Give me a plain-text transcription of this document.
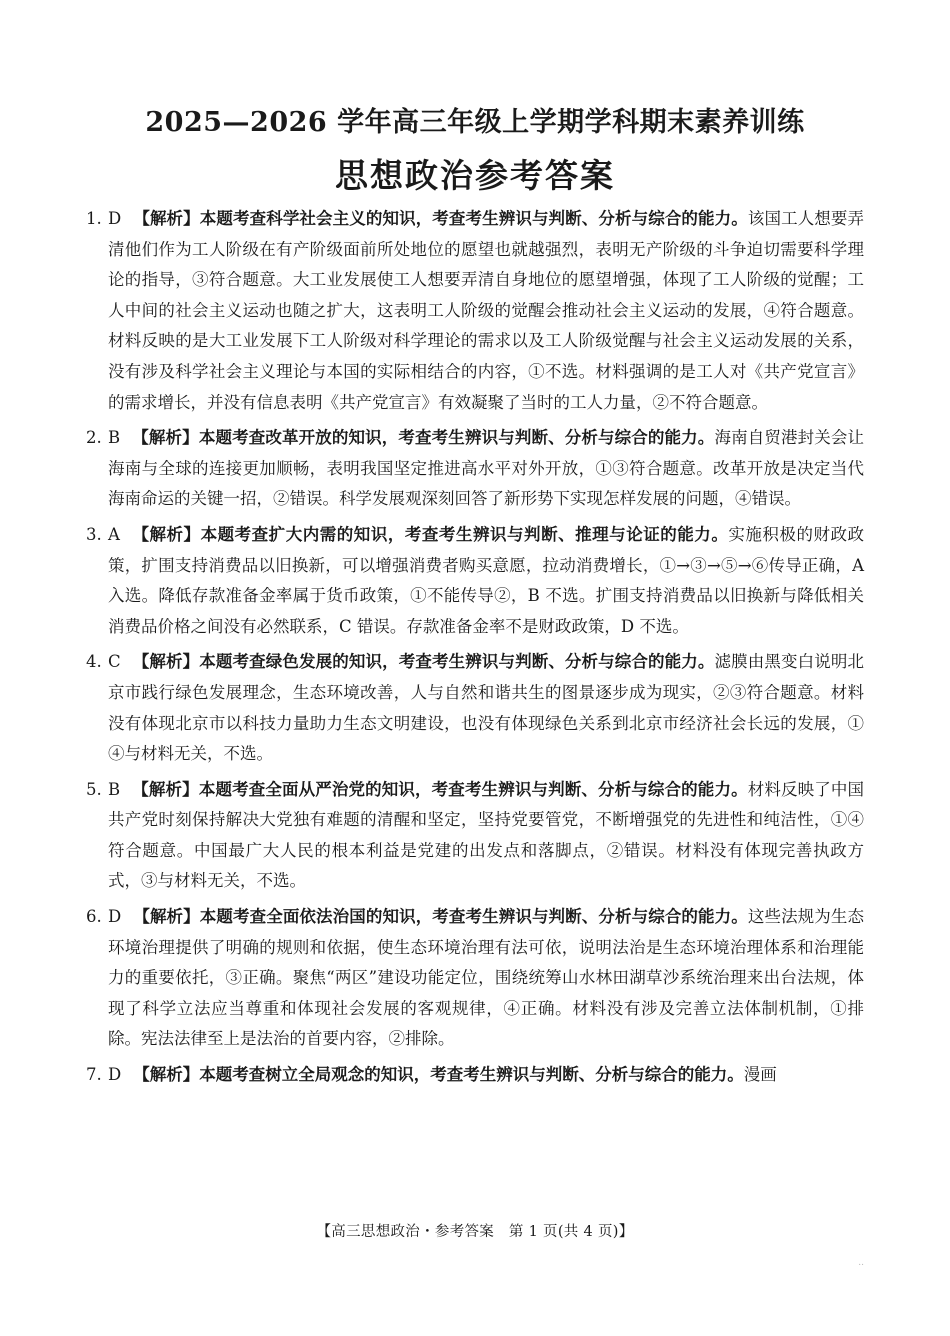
2025—2026 学年高三年级上学期学科期末素养训练
思想政治参考答案

1. D 【解析】本题考查科学社会主义的知识，考查考生辨识与判断、分析与综合的能力。该国工人想要弄清他们作为工人阶级在有产阶级面前所处地位的愿望也就越强烈，表明无产阶级的斗争迫切需要科学理论的指导，③符合题意。大工业发展使工人想要弄清自身地位的愿望增强，体现了工人阶级的觉醒；工人中间的社会主义运动也随之扩大，这表明工人阶级的觉醒会推动社会主义运动的发展，④符合题意。材料反映的是大工业发展下工人阶级对科学理论的需求以及工人阶级觉醒与社会主义运动发展的关系，没有涉及科学社会主义理论与本国的实际相结合的内容，①不选。材料强调的是工人对《共产党宣言》的需求增长，并没有信息表明《共产党宣言》有效凝聚了当时的工人力量，②不符合题意。

2. B 【解析】本题考查改革开放的知识，考查考生辨识与判断、分析与综合的能力。海南自贸港封关会让海南与全球的连接更加顺畅，表明我国坚定推进高水平对外开放，①③符合题意。改革开放是决定当代海南命运的关键一招，②错误。科学发展观深刻回答了新形势下实现怎样发展的问题，④错误。

3. A 【解析】本题考查扩大内需的知识，考查考生辨识与判断、推理与论证的能力。实施积极的财政政策，扩围支持消费品以旧换新，可以增强消费者购买意愿，拉动消费增长，①→③→⑤→⑥传导正确，A 入选。降低存款准备金率属于货币政策，①不能传导②，B 不选。扩围支持消费品以旧换新与降低相关消费品价格之间没有必然联系，C 错误。存款准备金率不是财政政策，D 不选。

4. C 【解析】本题考查绿色发展的知识，考查考生辨识与判断、分析与综合的能力。滤膜由黑变白说明北京市践行绿色发展理念，生态环境改善，人与自然和谐共生的图景逐步成为现实，②③符合题意。材料没有体现北京市以科技力量助力生态文明建设，也没有体现绿色关系到北京市经济社会长远的发展，①④与材料无关，不选。

5. B 【解析】本题考查全面从严治党的知识，考查考生辨识与判断、分析与综合的能力。材料反映了中国共产党时刻保持解决大党独有难题的清醒和坚定，坚持党要管党，不断增强党的先进性和纯洁性，①④符合题意。中国最广大人民的根本利益是党建的出发点和落脚点，②错误。材料没有体现完善执政方式，③与材料无关，不选。

6. D 【解析】本题考查全面依法治国的知识，考查考生辨识与判断、分析与综合的能力。这些法规为生态环境治理提供了明确的规则和依据，使生态环境治理有法可依，说明法治是生态环境治理体系和治理能力的重要依托，③正确。聚焦“两区”建设功能定位，围绕统筹山水林田湖草沙系统治理来出台法规，体现了科学立法应当尊重和体现社会发展的客观规律，④正确。材料没有涉及完善立法体制机制，①排除。宪法法律至上是法治的首要内容，②排除。

7. D 【解析】本题考查树立全局观念的知识，考查考生辨识与判断、分析与综合的能力。漫画

【高三思想政治・参考答案　第 1 页(共 4 页)】
..
